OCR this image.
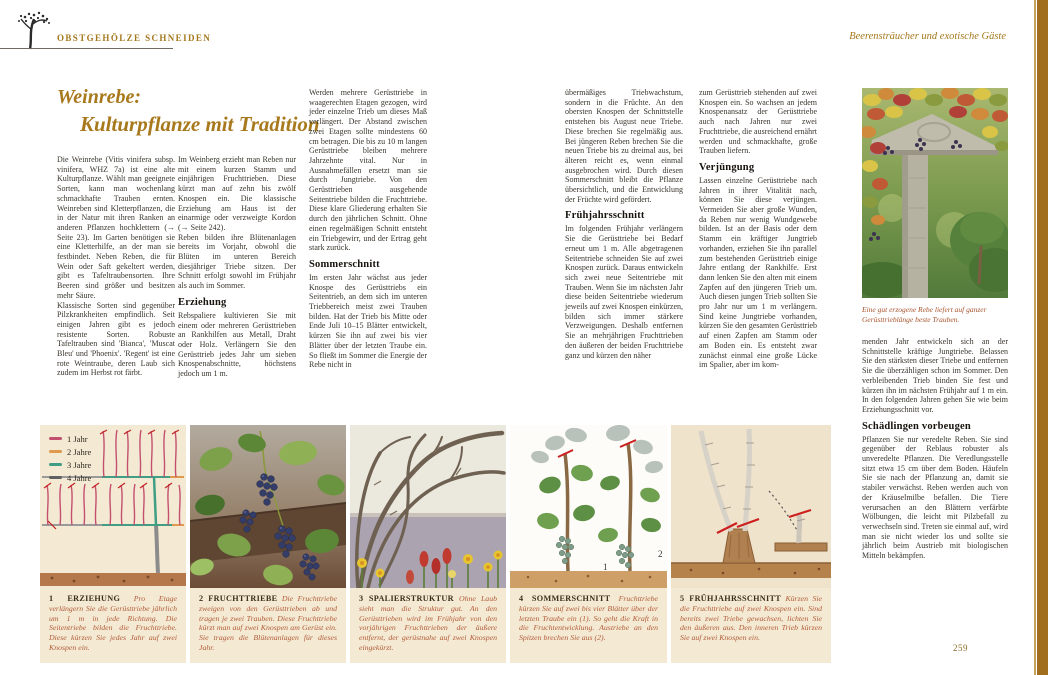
OBSTGEHÖLZE SCHNEIDEN	Beerensträucher und exotische Gäste
Weinrebe:
Kulturpflanze mit Tradition

Die Weinrebe (Vitis vinifera subsp. vinifera, WHZ 7a) ist eine alte Kulturpflanze. Wählt man geeignete Sorten, kann man wochenlang schmackhafte Trauben ernten. Weinreben sind Kletterpflanzen, die in der Natur mit ihren Ranken an anderen Pflanzen hochklettern (→ Seite 23). Im Garten benötigen sie eine Kletterhilfe, an der man sie festbindet. Neben Reben, die für Wein oder Saft gekeltert werden, gibt es Tafeltraubensorten. Ihre Beeren sind größer und besitzen mehr Säure.

Klassische Sorten sind gegenüber Pilzkrankheiten empfindlich. Seit einigen Jahren gibt es jedoch resistente Sorten. Robuste Tafeltrauben sind 'Bianca', 'Muscat Bleu' und 'Phoenix'. 'Regent' ist eine rote Weintraube, deren Laub sich zudem im Herbst rot färbt.

Im Weinberg erzieht man Reben nur mit einem kurzen Stamm und einjährigen Fruchttrieben. Diese kürzt man auf zehn bis zwölf Knospen ein. Die klassische Erziehung am Haus ist der einarmige oder verzweigte Kordon (→ Seite 242).

Reben bilden ihre Blütenanlagen bereits im Vorjahr, obwohl die Blüten im unteren Bereich diesjähriger Triebe sitzen. Der Schnitt erfolgt sowohl im Frühjahr als auch im Sommer.

Erziehung

Rebspaliere kultivieren Sie mit einem oder mehreren Gerüsttrieben an Rankhilfen aus Metall, Draht oder Holz. Verlängern Sie den Gerüsttrieb jedes Jahr um sieben Knospenabschnitte, höchstens jedoch um 1 m.

Werden mehrere Gerüsttriebe in waagerechten Etagen gezogen, wird jeder einzelne Trieb um dieses Maß verlängert. Der Abstand zwischen zwei Etagen sollte mindestens 60 cm betragen. Die bis zu 10 m langen Gerüsttriebe bleiben mehrere Jahrzehnte vital. Nur in Ausnahmefällen ersetzt man sie durch Jungtriebe. Von den Gerüsttrieben ausgehende Seitentriebe bilden die Fruchttriebe. Diese klare Gliederung erhalten Sie durch den jährlichen Schnitt. Ohne einen regelmäßigen Schnitt entsteht ein Triebgewirr, und der Ertrag geht stark zurück.

Sommerschnitt

Im ersten Jahr wächst aus jeder Knospe des Gerüsttriebs ein Seitentrieb, an dem sich im unteren Triebbereich meist zwei Trauben bilden. Hat der Trieb bis Mitte oder Ende Juli 10–15 Blätter entwickelt, kürzen Sie ihn auf zwei bis vier Blätter über der letzten Traube ein. So fließt im Sommer die Energie der Rebe nicht in

übermäßiges Triebwachstum, sondern in die Früchte. An den obersten Knospen der Schnittstelle entstehen bis August neue Triebe. Diese brechen Sie regelmäßig aus. Bei jüngeren Reben brechen Sie die neuen Triebe bis zu dreimal aus, bei älteren reicht es, wenn einmal ausgebrochen wird. Durch diesen Sommerschnitt bleibt die Pflanze übersichtlich, und die Entwicklung der Früchte wird gefördert.

Frühjahrsschnitt

Im folgenden Frühjahr verlängern Sie die Gerüsttriebe bei Bedarf erneut um 1 m. Alle abgetragenen Seitentriebe schneiden Sie auf zwei Knospen zurück. Daraus entwickeln sich zwei neue Seitentriebe mit Trauben. Wenn Sie im nächsten Jahr diese beiden Seitentriebe wiederum jeweils auf zwei Knospen einkürzen, bilden sich immer stärkere Verzweigungen. Deshalb entfernen Sie an mehrjährigen Fruchttrieben den äußeren der beiden Fruchttriebe ganz und kürzen den näher

zum Gerüsttrieb stehenden auf zwei Knospen ein. So wachsen an jedem Knospenansatz der Gerüsttriebe auch nach Jahren nur zwei Fruchttriebe, die ausreichend ernährt werden und schmackhafte, große Trauben liefern.

Verjüngung

Lassen einzelne Gerüsttriebe nach Jahren in ihrer Vitalität nach, können Sie diese verjüngen. Vermeiden Sie aber große Wunden, da Reben nur wenig Wundgewebe bilden. Ist an der Basis oder dem Stamm ein kräftiger Jungtrieb vorhanden, erziehen Sie ihn parallel zum bestehenden Gerüsttrieb einige Jahre entlang der Rankhilfe. Erst dann lenken Sie den alten mit einem Zapfen auf den jüngeren Trieb um. Auch diesen jungen Trieb sollten Sie pro Jahr nur um 1 m verlängern. Sind keine Jungtriebe vorhanden, kürzen Sie den gesamten Gerüsttrieb auf einen Zapfen am Stamm oder am Boden ein. Es entsteht zwar zunächst einmal eine große Lücke im Spalier, aber im kom-

menden Jahr entwickeln sich an der Schnittstelle kräftige Jungtriebe. Belassen Sie den stärksten dieser Triebe und entfernen Sie die überzähligen schon im Sommer. Den verbleibenden Trieb binden Sie fest und kürzen ihn im nächsten Frühjahr auf 1 m ein. In den folgenden Jahren gehen Sie wie beim Erziehungsschnitt vor.

Schädlingen vorbeugen

Pflanzen Sie nur veredelte Reben. Sie sind gegenüber der Reblaus robuster als unveredelte Pflanzen. Die Veredlungsstelle sitzt etwa 15 cm über dem Boden. Häufeln Sie sie nach der Pflanzung an, damit sie stabiler verwächst. Reben werden auch von der Kräuselmilbe befallen. Die Tiere verursachen an den Blättern verfärbte Wölbungen, die leicht mit Pilzbefall zu verwechseln sind. Treten sie einmal auf, wird man sie nicht wieder los und sollte sie jährlich beim Austrieb mit biologischen Mitteln bekämpfen.

Eine gut erzogene Rebe liefert auf ganzer Gerüsttrieblänge beste Trauben.
1 Jahr
2 Jahre
3 Jahre
4 Jahre

1 ERZIEHUNG Pro Etage verlängern Sie die Gerüsttriebe jährlich um 1 m in jede Richtung. Die Seitentriebe bilden die Fruchttriebe. Diese kürzen Sie jedes Jahr auf zwei Knospen ein.

2 FRUCHTTRIEBE Die Fruchttriebe zweigen von den Gerüsttrieben ab und tragen je zwei Trauben. Diese Fruchttriebe kürzt man auf zwei Knospen am Gerüst ein. Sie tragen die Blütenanlagen für dieses Jahr.

3 SPALIERSTRUKTUR Ohne Laub sieht man die Struktur gut. An den Gerüsttrieben wird im Frühjahr von den vorjährigen Fruchttrieben der äußere entfernt, der gerüstnahe auf zwei Knospen eingekürzt.

1
2

4 SOMMERSCHNITT Fruchttriebe kürzen Sie auf zwei bis vier Blätter über der letzten Traube ein (1). So geht die Kraft in die Fruchtentwicklung. Austriebe an den Spitzen brechen Sie aus (2).

5 FRÜHJAHRSSCHNITT Kürzen Sie die Fruchttriebe auf zwei Knospen ein. Sind bereits zwei Triebe gewachsen, lichten Sie den äußeren aus. Den inneren Trieb kürzen Sie auf zwei Knospen ein.

259
